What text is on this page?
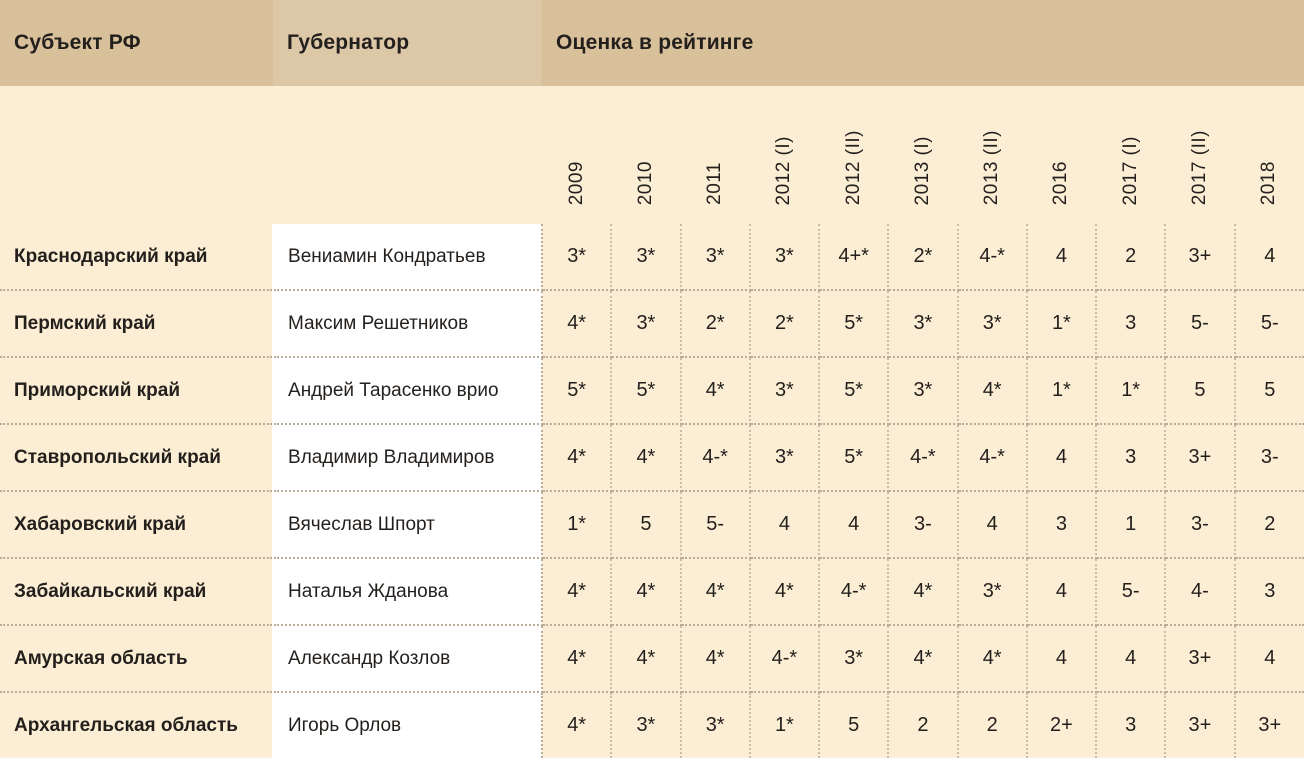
Субъект РФ	Губернатор	Оценка в рейтинге										
		2009	2010	2011	2012 (I)	2012 (II)	2013 (I)	2013 (II)	2016	2017 (I)	2017 (II)	2018
Краснодарский край	Вениамин Кондратьев	3*	3*	3*	3*	4+*	2*	4-*	4	2	3+	4
Пермский край	Максим Решетников	4*	3*	2*	2*	5*	3*	3*	1*	3	5-	5-
Приморский край	Андрей Тарасенко врио	5*	5*	4*	3*	5*	3*	4*	1*	1*	5	5
Ставропольский край	Владимир Владимиров	4*	4*	4-*	3*	5*	4-*	4-*	4	3	3+	3-
Хабаровский край	Вячеслав Шпорт	1*	5	5-	4	4	3-	4	3	1	3-	2
Забайкальский край	Наталья Жданова	4*	4*	4*	4*	4-*	4*	3*	4	5-	4-	3
Амурская область	Александр Козлов	4*	4*	4*	4-*	3*	4*	4*	4	4	3+	4
Архангельская область	Игорь Орлов	4*	3*	3*	1*	5	2	2	2+	3	3+	3+
